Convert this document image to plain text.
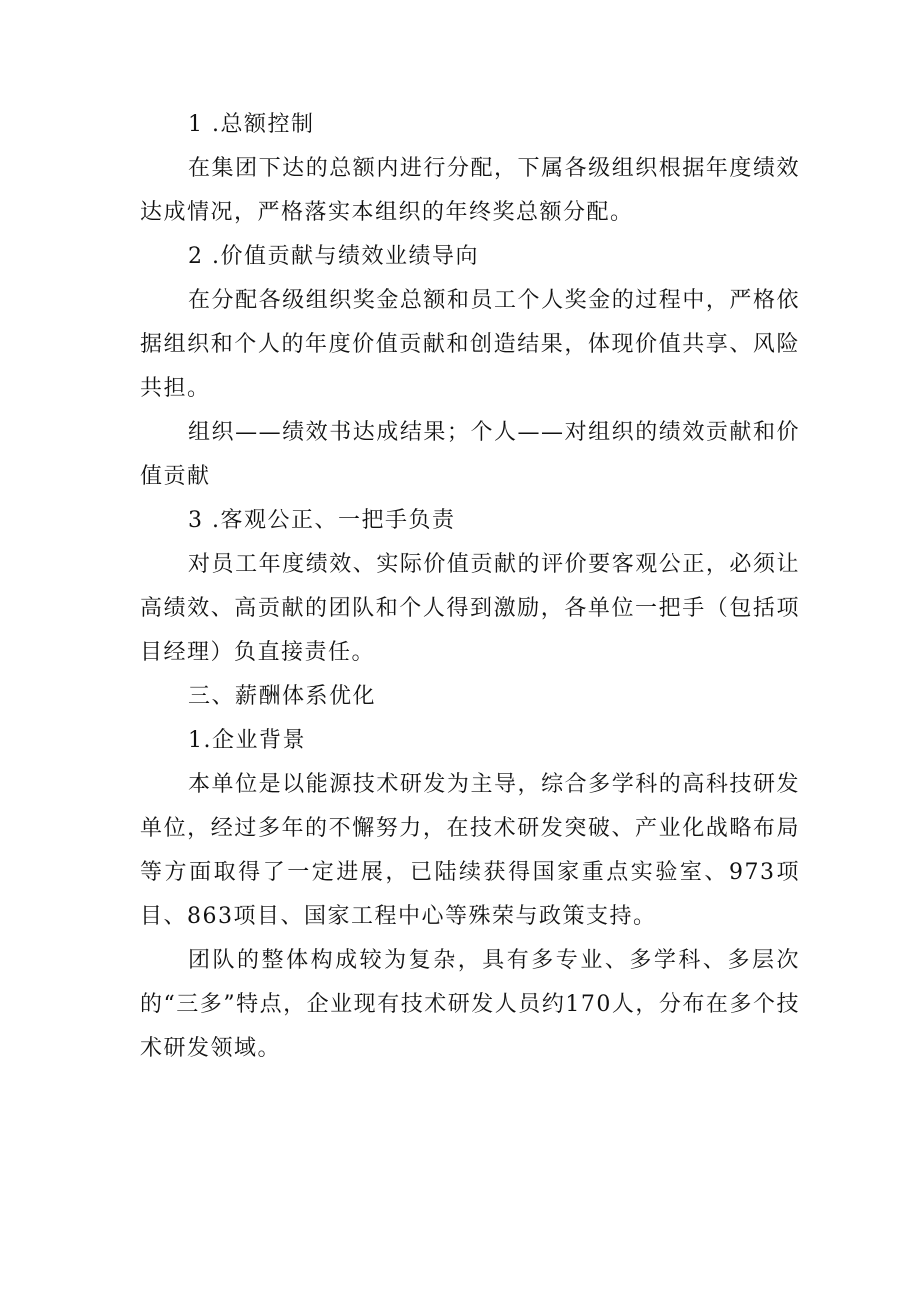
1 .总额控制

在集团下达的总额内进行分配，下属各级组织根据年度绩效达成情况，严格落实本组织的年终奖总额分配。

2 .价值贡献与绩效业绩导向

在分配各级组织奖金总额和员工个人奖金的过程中，严格依据组织和个人的年度价值贡献和创造结果，体现价值共享、风险共担。

组织——绩效书达成结果；个人——对组织的绩效贡献和价值贡献

3 .客观公正、一把手负责

对员工年度绩效、实际价值贡献的评价要客观公正，必须让高绩效、高贡献的团队和个人得到激励，各单位一把手（包括项目经理）负直接责任。

三、薪酬体系优化

1.企业背景

本单位是以能源技术研发为主导，综合多学科的高科技研发单位，经过多年的不懈努力，在技术研发突破、产业化战略布局等方面取得了一定进展，已陆续获得国家重点实验室、973项目、863项目、国家工程中心等殊荣与政策支持。

团队的整体构成较为复杂，具有多专业、多学科、多层次的“三多”特点，企业现有技术研发人员约170人，分布在多个技术研发领域。
